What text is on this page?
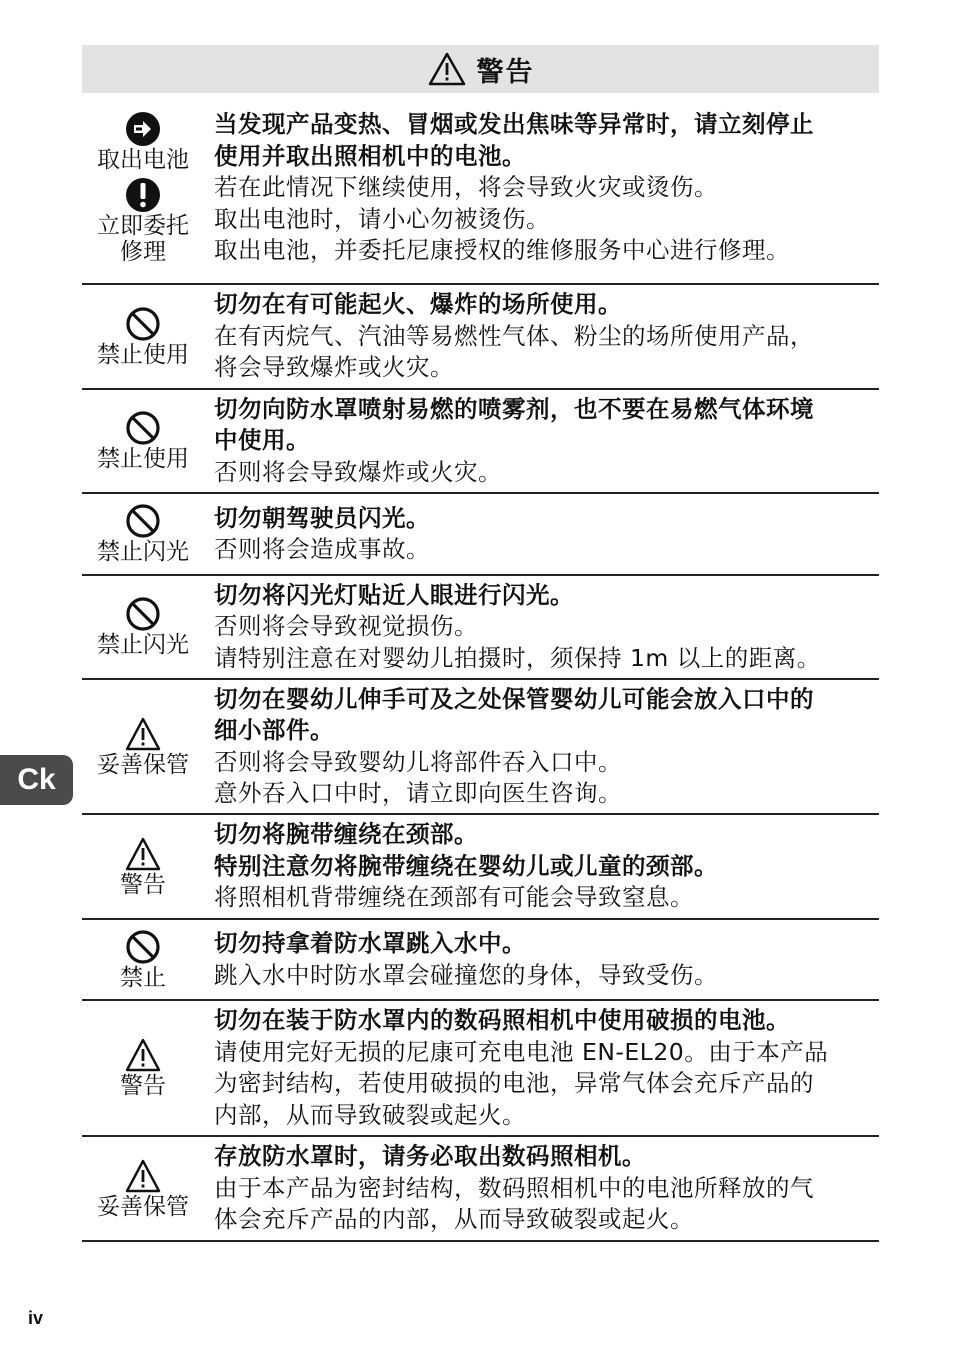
警告
取出电池
立即委托
修理
当发现产品变热、冒烟或发出焦味等异常时，请立刻停止
使用并取出照相机中的电池。
若在此情况下继续使用，将会导致火灾或烫伤。
取出电池时，请小心勿被烫伤。
取出电池，并委托尼康授权的维修服务中心进行修理。
禁止使用
切勿在有可能起火、爆炸的场所使用。
在有丙烷气、汽油等易燃性气体、粉尘的场所使用产品，
将会导致爆炸或火灾。
禁止使用
切勿向防水罩喷射易燃的喷雾剂，也不要在易燃气体环境
中使用。
否则将会导致爆炸或火灾。
禁止闪光
切勿朝驾驶员闪光。
否则将会造成事故。
禁止闪光
切勿将闪光灯贴近人眼进行闪光。
否则将会导致视觉损伤。
请特别注意在对婴幼儿拍摄时，须保持 1m 以上的距离。
妥善保管
切勿在婴幼儿伸手可及之处保管婴幼儿可能会放入口中的
细小部件。
否则将会导致婴幼儿将部件吞入口中。
意外吞入口中时，请立即向医生咨询。
警告
切勿将腕带缠绕在颈部。
特别注意勿将腕带缠绕在婴幼儿或儿童的颈部。
将照相机背带缠绕在颈部有可能会导致窒息。
禁止
切勿持拿着防水罩跳入水中。
跳入水中时防水罩会碰撞您的身体，导致受伤。
警告
切勿在装于防水罩内的数码照相机中使用破损的电池。
请使用完好无损的尼康可充电电池 EN-EL20。由于本产品
为密封结构，若使用破损的电池，异常气体会充斥产品的
内部，从而导致破裂或起火。
妥善保管
存放防水罩时，请务必取出数码照相机。
由于本产品为密封结构，数码照相机中的电池所释放的气
体会充斥产品的内部，从而导致破裂或起火。
Ck
iv
